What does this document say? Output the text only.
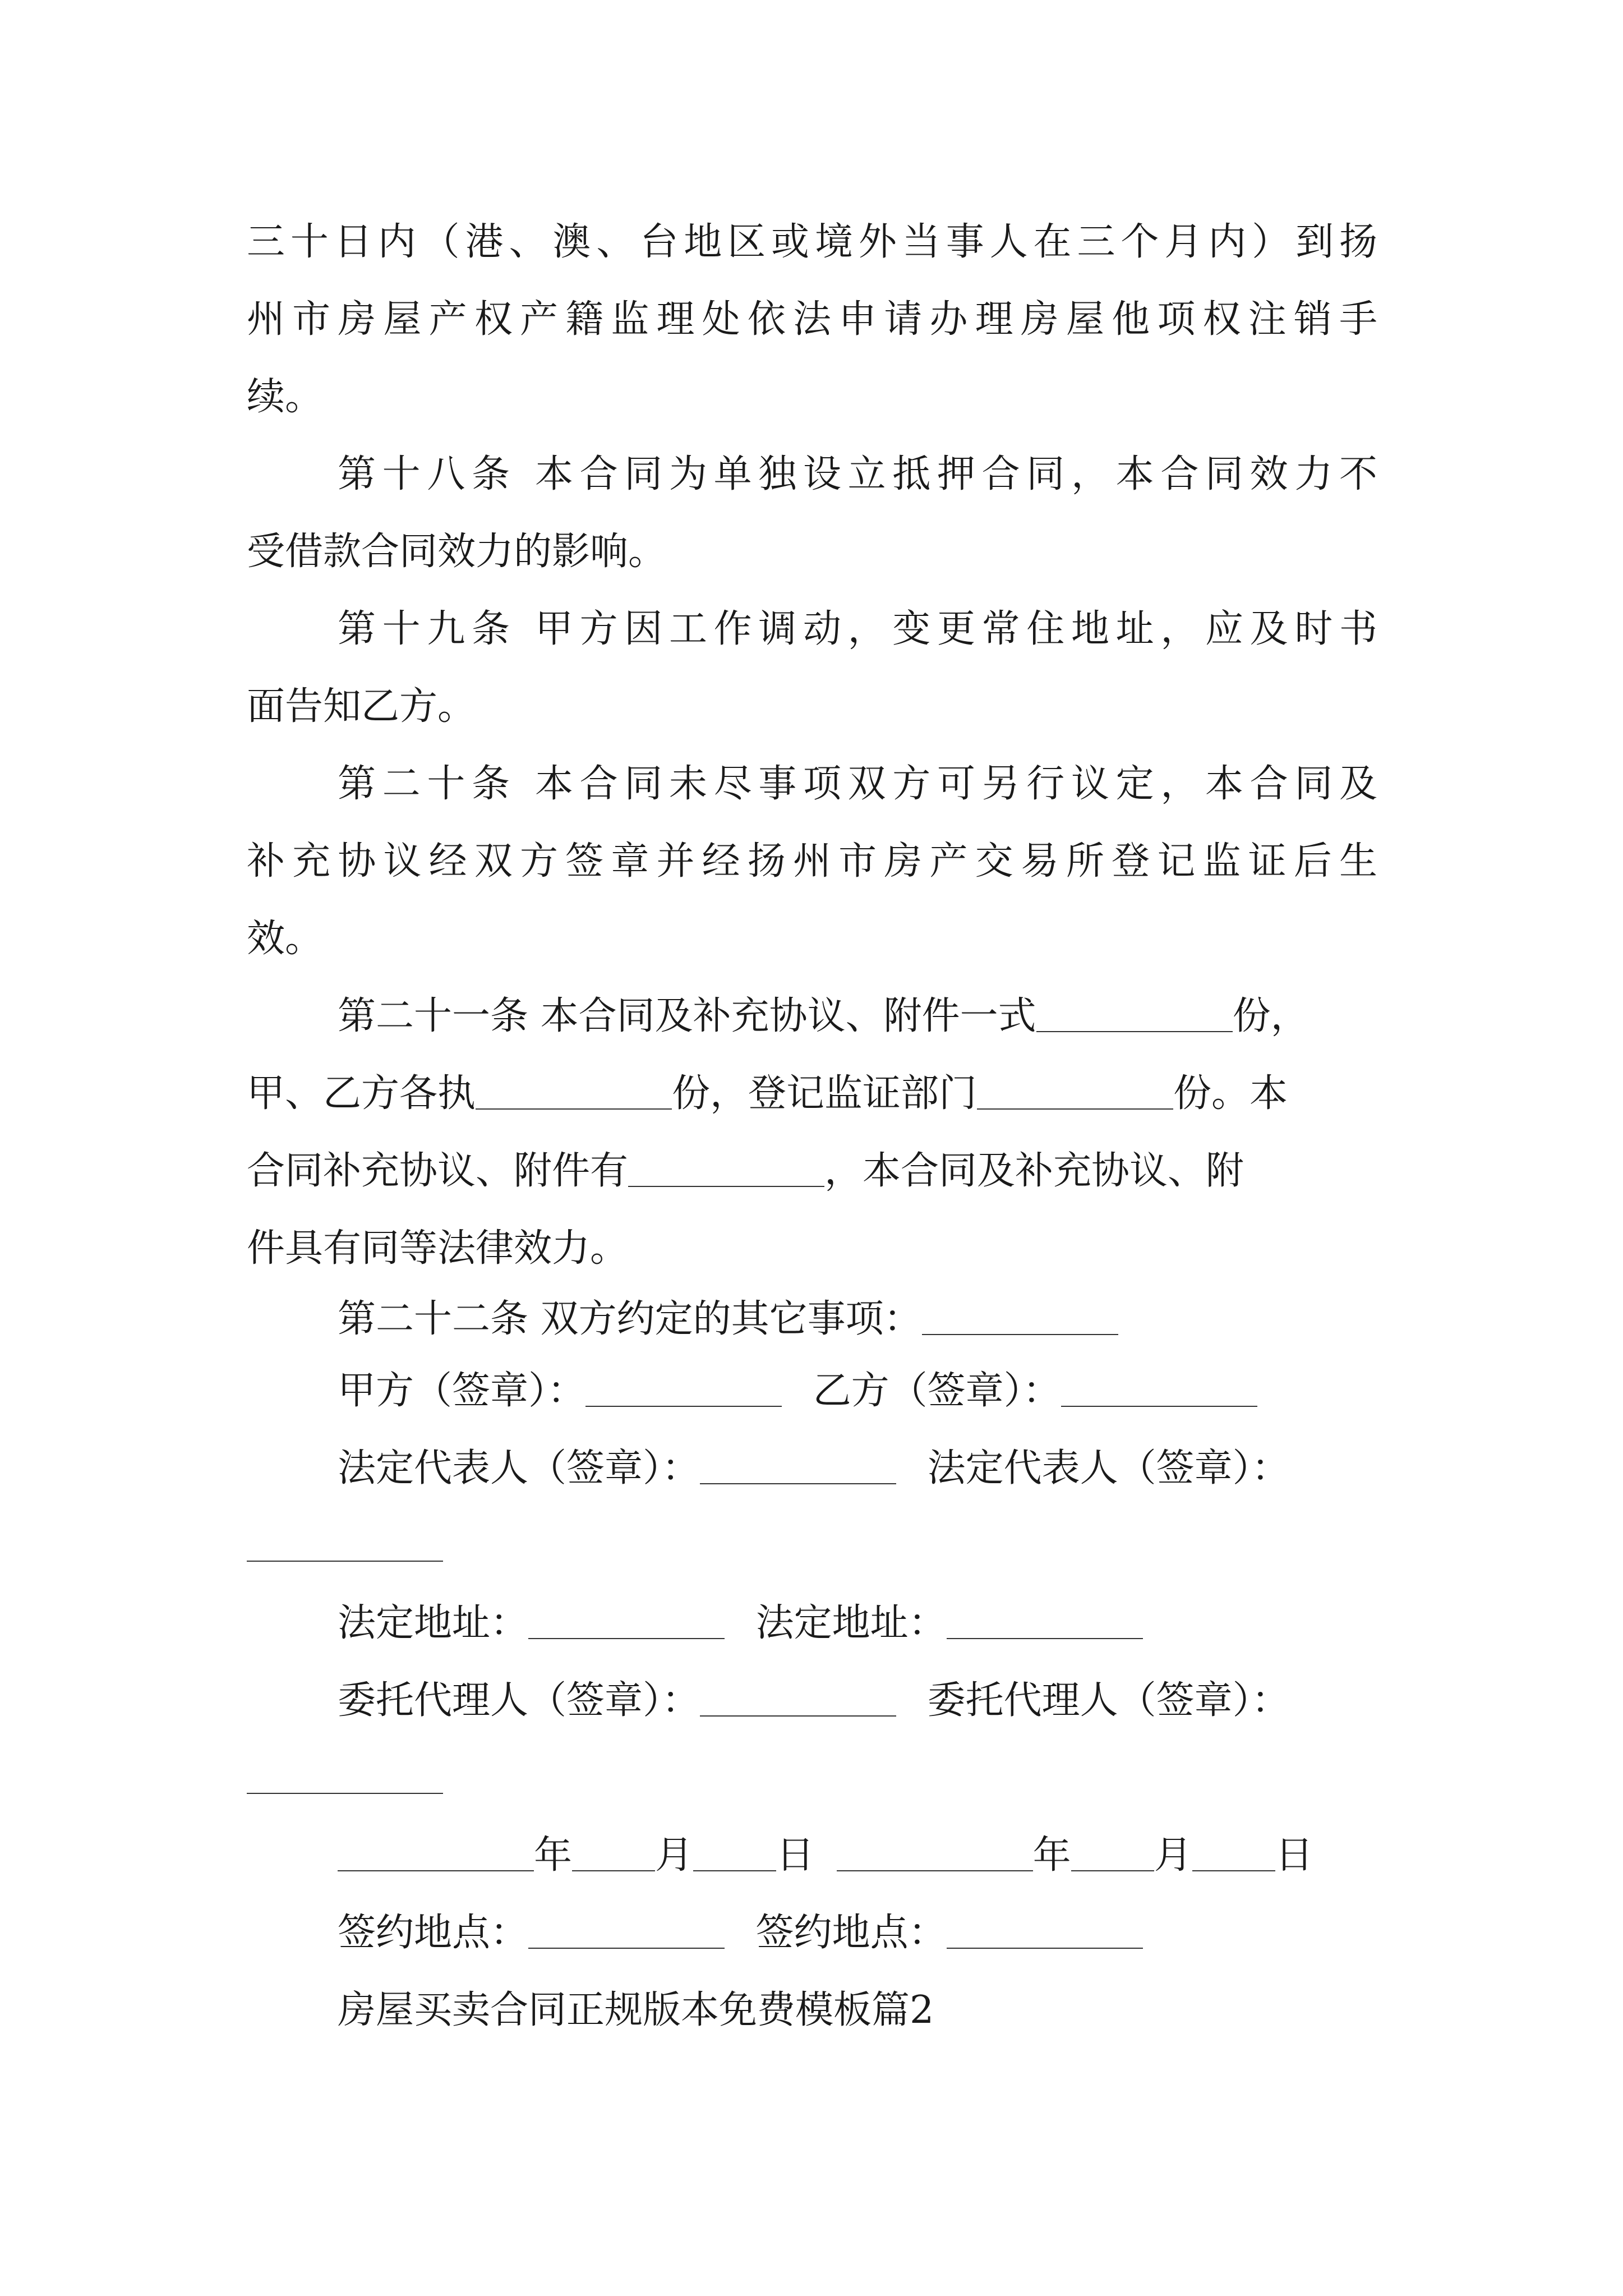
三十日内（港、澳、台地区或境外当事人在三个月内）到扬
州市房屋产权产籍监理处依法申请办理房屋他项权注销手
续。
第十八条 本合同为单独设立抵押合同，本合同效力不
受借款合同效力的影响。
第十九条 甲方因工作调动，变更常住地址，应及时书
面告知乙方。
第二十条 本合同未尽事项双方可另行议定，本合同及
补充协议经双方签章并经扬州市房产交易所登记监证后生
效。
第二十一条 本合同及补充协议、附件一式	份，
甲、乙方各执	份，登记监证部门	份。本
合同补充协议、附件有	，本合同及补充协议、附
件具有同等法律效力。
第二十二条 双方约定的其它事项：
甲方（签章）：	乙方（签章）：
法定代表人（签章）：	法定代表人（签章）：
法定地址：	法定地址：
委托代理人（签章）：	委托代理人（签章）：
年 月 日	年 月 日
签约地点：	签约地点：
房屋买卖合同正规版本免费模板篇2
